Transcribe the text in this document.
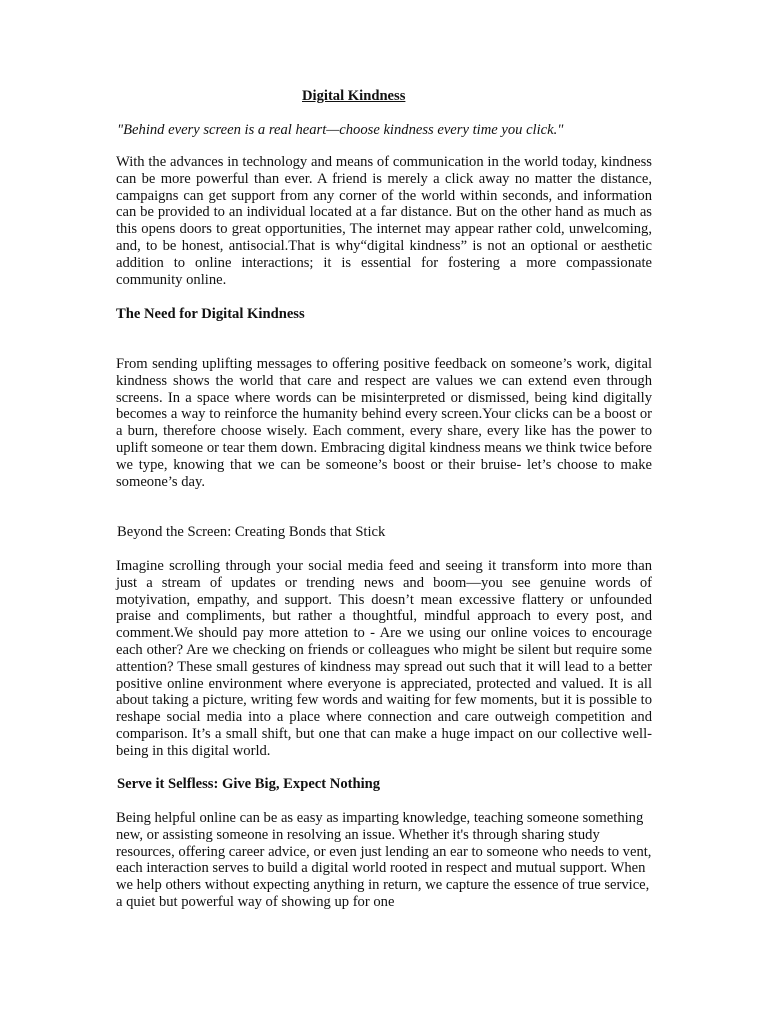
Digital Kindness

"Behind every screen is a real heart—choose kindness every time you click."

With the advances in technology and means of communication in the world today, kindness can be more powerful than ever. A friend is merely a click away no matter the distance, campaigns can get support from any corner of the world within seconds, and information can be provided to an individual located at a far distance. But on the other hand as much as this opens doors to great opportunities, The internet may appear rather cold, unwelcoming, and, to be honest, antisocial.That is why“digital kindness” is not an optional or aesthetic addition to online interactions; it is essential for fostering a more compassionate community online.

The Need for Digital Kindness

From sending uplifting messages to offering positive feedback on someone’s work, digital kindness shows the world that care and respect are values we can extend even through screens. In a space where words can be misinterpreted or dismissed, being kind digitally becomes a way to reinforce the humanity behind every screen.Your clicks can be a boost or a burn, therefore choose wisely. Each comment, every share, every like has the power to uplift someone or tear them down. Embracing digital kindness means we think twice before we type, knowing that we can be someone’s boost or their bruise- let’s choose to make someone’s day.

Beyond the Screen: Creating Bonds that Stick

Imagine scrolling through your social media feed and seeing it transform into more than just a stream of updates or trending news and boom—you see genuine words of motyivation, empathy, and support. This doesn’t mean excessive flattery or unfounded praise and compliments, but rather a thoughtful, mindful approach to every post, and comment.We should pay more attetion to - Are we using our online voices to encourage each other? Are we checking on friends or colleagues who might be silent but require some attention? These small gestures of kindness may spread out such that it will lead to a better positive online environment where everyone is appreciated, protected and valued. It is all about taking a picture, writing few words and waiting for few moments, but it is possible to reshape social media into a place where connection and care outweigh competition and comparison. It’s a small shift, but one that can make a huge impact on our collective well-being in this digital world.

Serve it Selfless: Give Big, Expect Nothing

Being helpful online can be as easy as imparting knowledge, teaching someone something new, or assisting someone in resolving an issue. Whether it's through sharing study resources, offering career advice, or even just lending an ear to someone who needs to vent, each interaction serves to build a digital world rooted in respect and mutual support. When we help others without expecting anything in return, we capture the essence of true service, a quiet but powerful way of showing up for one
